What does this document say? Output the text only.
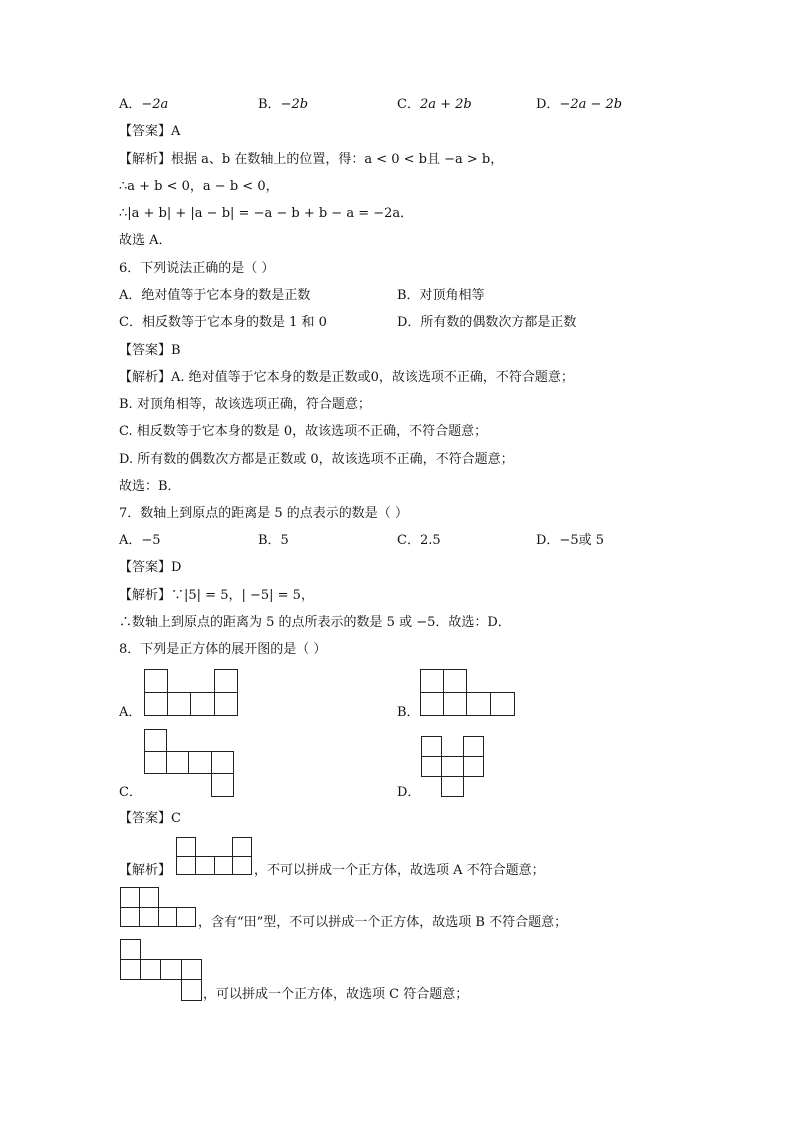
A．−2a	B．−2b	C．2a + 2b	D．−2a − 2b
【答案】A
【解析】根据 a、b 在数轴上的位置，得：a < 0 < b且 −a > b，
∴a + b < 0，a − b < 0，
∴|a + b| + |a − b| = −a − b + b − a = −2a．
故选 A．
6．下列说法正确的是（ ）
A．绝对值等于它本身的数是正数	B．对顶角相等
C．相反数等于它本身的数是 1 和 0	D．所有数的偶数次方都是正数
【答案】B
【解析】A. 绝对值等于它本身的数是正数或0，故该选项不正确，不符合题意；
B. 对顶角相等，故该选项正确，符合题意；
C. 相反数等于它本身的数是 0，故该选项不正确，不符合题意；
D. 所有数的偶数次方都是正数或 0，故该选项不正确，不符合题意；
故选：B．
7．数轴上到原点的距离是 5 的点表示的数是（ ）
A．−5	B．5	C．2.5	D．−5或 5
【答案】D
【解析】∵|5| = 5，| −5| = 5，
∴数轴上到原点的距离为 5 的点所表示的数是 5 或 −5．故选：D．
8．下列是正方体的展开图的是（ ）
A．	B．
C．	D．
【答案】C
【解析】	，不可以拼成一个正方体，故选项 A 不符合题意；
，含有“田”型，不可以拼成一个正方体，故选项 B 不符合题意；
，可以拼成一个正方体，故选项 C 符合题意；
